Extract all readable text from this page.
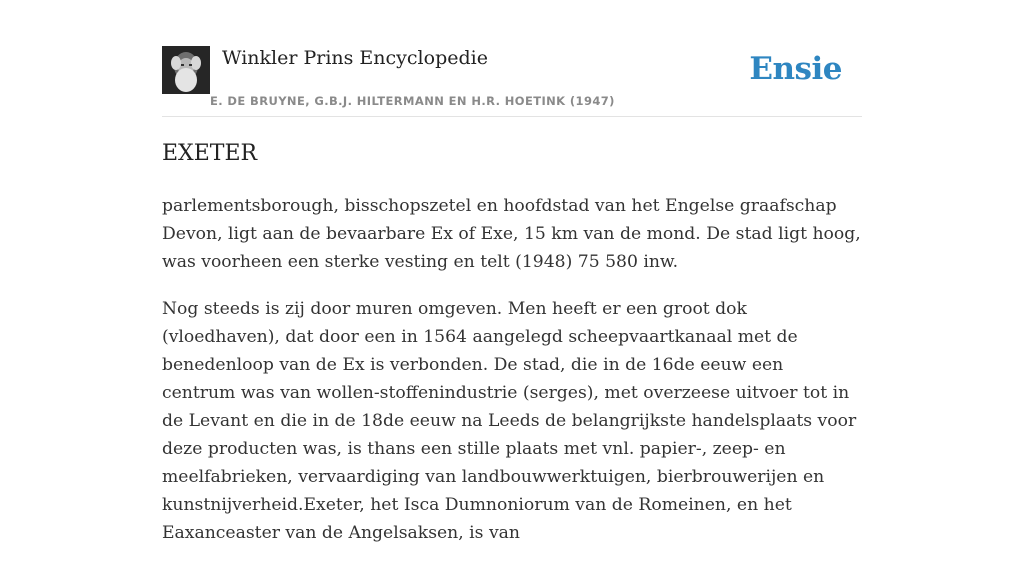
Winkler Prins Encyclopedie	Ensie
E. DE BRUYNE, G.B.J. HILTERMANN EN H.R. HOETINK (1947)
EXETER

parlementsborough, bisschopszetel en hoofdstad van het Engelse graafschap Devon, ligt aan de bevaarbare Ex of Exe, 15 km van de mond. De stad ligt hoog, was voorheen een sterke vesting en telt (1948) 75 580 inw.

Nog steeds is zij door muren omgeven. Men heeft er een groot dok (vloedhaven), dat door een in 1564 aangelegd scheepvaartkanaal met de benedenloop van de Ex is verbonden. De stad, die in de 16de eeuw een centrum was van wollen-stoffenindustrie (serges), met overzeese uitvoer tot in de Levant en die in de 18de eeuw na Leeds de belangrijkste handelsplaats voor deze producten was, is thans een stille plaats met vnl. papier-, zeep- en meelfabrieken, vervaardiging van landbouwwerktuigen, bierbrouwerijen en kunstnijverheid.Exeter, het Isca Dumnoniorum van de Romeinen, en het Eaxanceaster van de Angelsaksen, is van
